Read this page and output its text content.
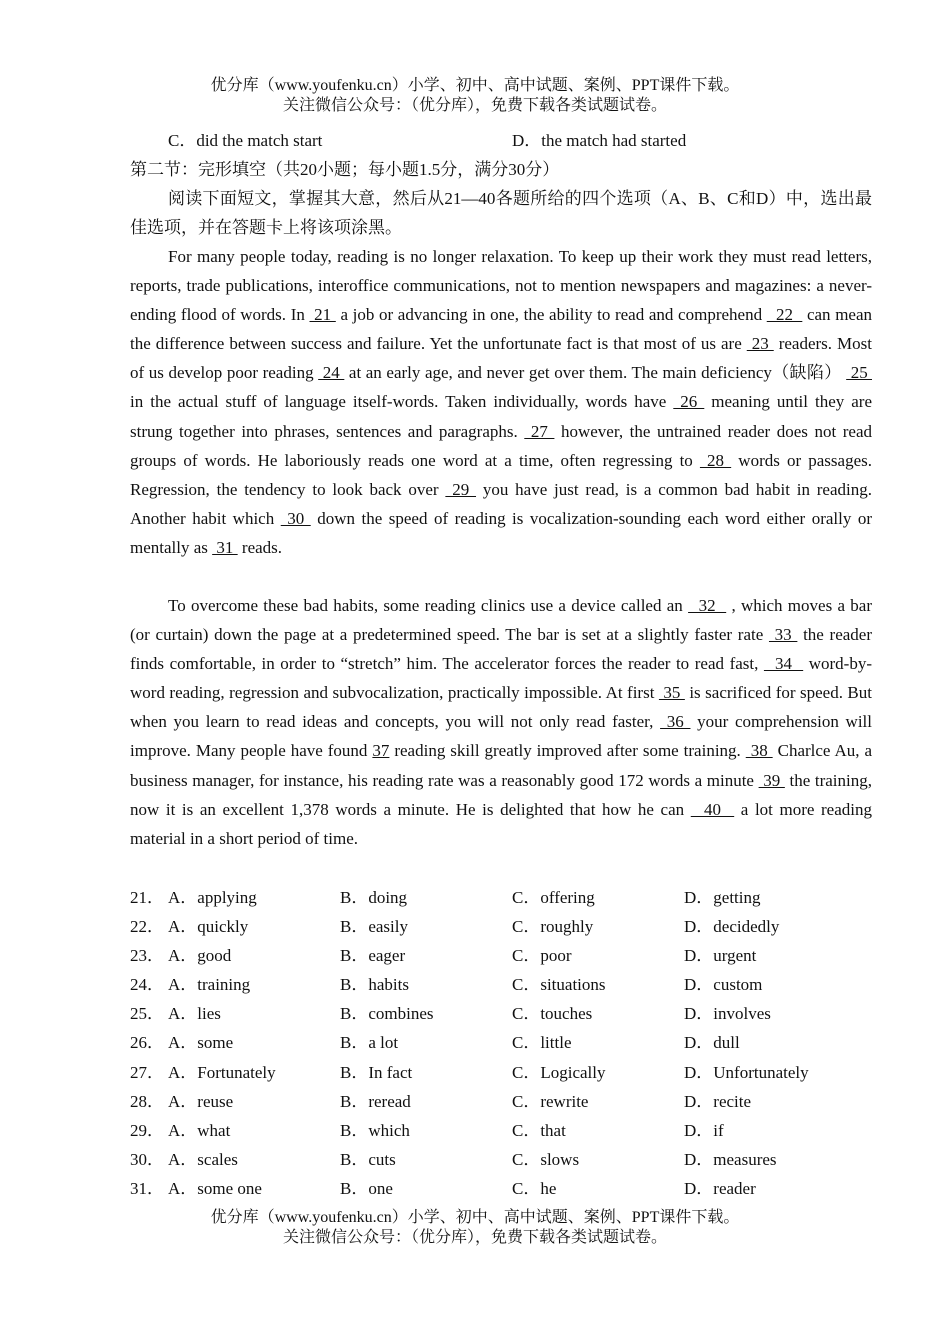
优分库（www.youfenku.cn）小学、初中、高中试题、案例、PPT课件下载。
关注微信公众号：（优分库），免费下载各类试题试卷。
C．did the match start	D．the match had started
第二节：完形填空（共20小题；每小题1.5分，满分30分）
阅读下面短文，掌握其大意，然后从21—40各题所给的四个选项（A、B、C和D）中，选出最佳选项，并在答题卡上将该项涂黑。
For many people today, reading is no longer relaxation. To keep up their work they must read letters, reports, trade publications, interoffice communications, not to mention newspapers and magazines: a never-ending flood of words. In  21  a job or advancing in one, the ability to read and comprehend   22   can mean the difference between success and failure. Yet the unfortunate fact is that most of us are  23  readers. Most of us develop poor reading  24  at an early age, and never get over them. The main deficiency（缺陷）  25  in the actual stuff of language itself-words. Taken individually, words have  26  meaning until they are strung together into phrases, sentences and paragraphs.  27  however, the untrained reader does not read groups of words. He laboriously reads one word at a time, often regressing to  28  words or passages. Regression, the tendency to look back over  29  you have just read, is a common bad habit in reading. Another habit which  30  down the speed of reading is vocalization-sounding each word either orally or mentally as  31  reads.
To overcome these bad habits, some reading clinics use a device called an   32   , which moves a bar (or curtain) down the page at a predetermined speed. The bar is set at a slightly faster rate  33  the reader finds comfortable, in order to “stretch” him. The accelerator forces the reader to read fast,   34   word-by-word reading, regression and subvocalization, practically impossible. At first  35  is sacrificed for speed. But when you learn to read ideas and concepts, you will not only read faster,  36  your comprehension will improve. Many people have found 37 reading skill greatly improved after some training.  38  Charlce Au, a business manager, for instance, his reading rate was a reasonably good 172 words a minute  39  the training, now it is an excellent 1,378 words a minute. He is delighted that how he can   40   a lot more reading material in a short period of time.
21． A．applying	B．doing	C．offering	D．getting
22． A．quickly	B．easily	C．roughly	D．decidedly
23． A．good	B．eager	C．poor	D．urgent
24． A．training	B．habits	C．situations	D．custom
25． A．lies	B．combines	C．touches	D．involves
26． A．some	B．a lot	C．little	D．dull
27． A．Fortunately	B．In fact	C．Logically	D．Unfortunately
28． A．reuse	B．reread	C．rewrite	D．recite
29． A．what	B．which	C．that	D．if
30． A．scales	B．cuts	C．slows	D．measures
31． A．some one	B．one	C．he	D．reader
优分库（www.youfenku.cn）小学、初中、高中试题、案例、PPT课件下载。
关注微信公众号：（优分库），免费下载各类试题试卷。
